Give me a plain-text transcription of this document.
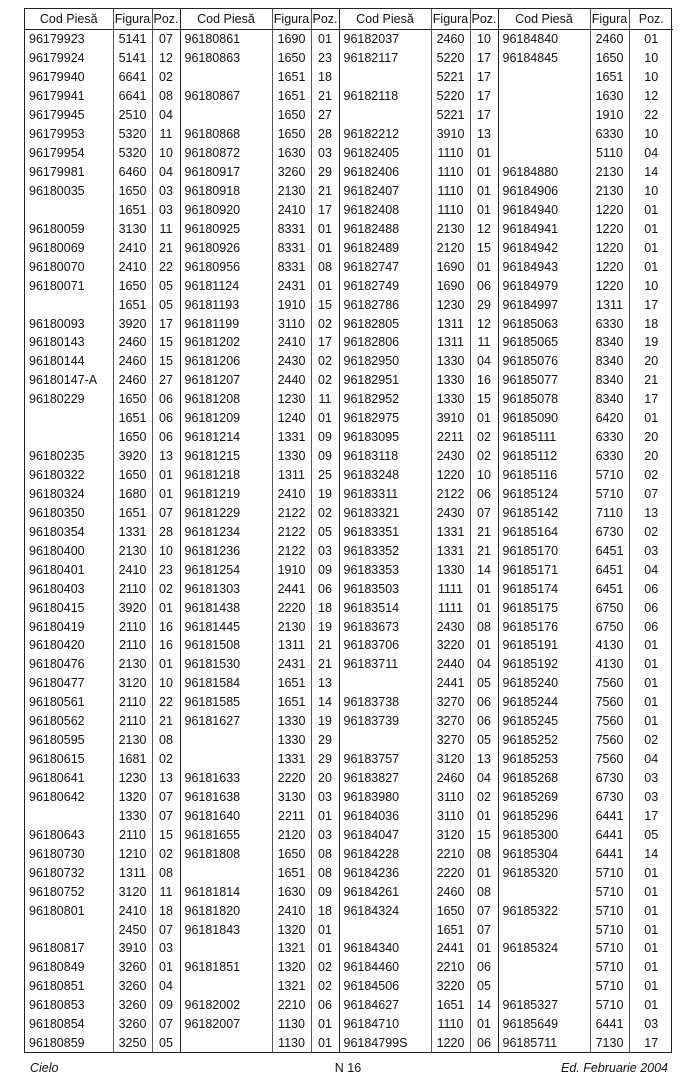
Cod Piesă	Figura	Poz.	Cod Piesă	Figura	Poz.	Cod Piesă	Figura	Poz.	Cod Piesă	Figura	Poz.
96179923	5141	07	96180861	1690	01	96182037	2460	10	96184840	2460	01
96179924	5141	12	96180863	1650	23	96182117	5220	17	96184845	1650	10
96179940	6641	02		1651	18		5221	17		1651	10
96179941	6641	08	96180867	1651	21	96182118	5220	17		1630	12
96179945	2510	04		1650	27		5221	17		1910	22
96179953	5320	11	96180868	1650	28	96182212	3910	13		6330	10
96179954	5320	10	96180872	1630	03	96182405	1110	01		5110	04
96179981	6460	04	96180917	3260	29	96182406	1110	01	96184880	2130	14
96180035	1650	03	96180918	2130	21	96182407	1110	01	96184906	2130	10
	1651	03	96180920	2410	17	96182408	1110	01	96184940	1220	01
96180059	3130	11	96180925	8331	01	96182488	2130	12	96184941	1220	01
96180069	2410	21	96180926	8331	01	96182489	2120	15	96184942	1220	01
96180070	2410	22	96180956	8331	08	96182747	1690	01	96184943	1220	01
96180071	1650	05	96181124	2431	01	96182749	1690	06	96184979	1220	10
	1651	05	96181193	1910	15	96182786	1230	29	96184997	1311	17
96180093	3920	17	96181199	3110	02	96182805	1311	12	96185063	6330	18
96180143	2460	15	96181202	2410	17	96182806	1311	11	96185065	8340	19
96180144	2460	15	96181206	2430	02	96182950	1330	04	96185076	8340	20
96180147-A	2460	27	96181207	2440	02	96182951	1330	16	96185077	8340	21
96180229	1650	06	96181208	1230	11	96182952	1330	15	96185078	8340	17
	1651	06	96181209	1240	01	96182975	3910	01	96185090	6420	01
	1650	06	96181214	1331	09	96183095	2211	02	96185111	6330	20
96180235	3920	13	96181215	1330	09	96183118	2430	02	96185112	6330	20
96180322	1650	01	96181218	1311	25	96183248	1220	10	96185116	5710	02
96180324	1680	01	96181219	2410	19	96183311	2122	06	96185124	5710	07
96180350	1651	07	96181229	2122	02	96183321	2430	07	96185142	7110	13
96180354	1331	28	96181234	2122	05	96183351	1331	21	96185164	6730	02
96180400	2130	10	96181236	2122	03	96183352	1331	21	96185170	6451	03
96180401	2410	23	96181254	1910	09	96183353	1330	14	96185171	6451	04
96180403	2110	02	96181303	2441	06	96183503	1111	01	96185174	6451	06
96180415	3920	01	96181438	2220	18	96183514	1111	01	96185175	6750	06
96180419	2110	16	96181445	2130	19	96183673	2430	08	96185176	6750	06
96180420	2110	16	96181508	1311	21	96183706	3220	01	96185191	4130	01
96180476	2130	01	96181530	2431	21	96183711	2440	04	96185192	4130	01
96180477	3120	10	96181584	1651	13		2441	05	96185240	7560	01
96180561	2110	22	96181585	1651	14	96183738	3270	06	96185244	7560	01
96180562	2110	21	96181627	1330	19	96183739	3270	06	96185245	7560	01
96180595	2130	08		1330	29		3270	05	96185252	7560	02
96180615	1681	02		1331	29	96183757	3120	13	96185253	7560	04
96180641	1230	13	96181633	2220	20	96183827	2460	04	96185268	6730	03
96180642	1320	07	96181638	3130	03	96183980	3110	02	96185269	6730	03
	1330	07	96181640	2211	01	96184036	3110	01	96185296	6441	17
96180643	2110	15	96181655	2120	03	96184047	3120	15	96185300	6441	05
96180730	1210	02	96181808	1650	08	96184228	2210	08	96185304	6441	14
96180732	1311	08		1651	08	96184236	2220	01	96185320	5710	01
96180752	3120	11	96181814	1630	09	96184261	2460	08		5710	01
96180801	2410	18	96181820	2410	18	96184324	1650	07	96185322	5710	01
	2450	07	96181843	1320	01		1651	07		5710	01
96180817	3910	03		1321	01	96184340	2441	01	96185324	5710	01
96180849	3260	01	96181851	1320	02	96184460	2210	06		5710	01
96180851	3260	04		1321	02	96184506	3220	05		5710	01
96180853	3260	09	96182002	2210	06	96184627	1651	14	96185327	5710	01
96180854	3260	07	96182007	1130	01	96184710	1110	01	96185649	6441	03
96180859	3250	05		1130	01	96184799S	1220	06	96185711	7130	17
Cielo	N 16	Ed. Februarie 2004
